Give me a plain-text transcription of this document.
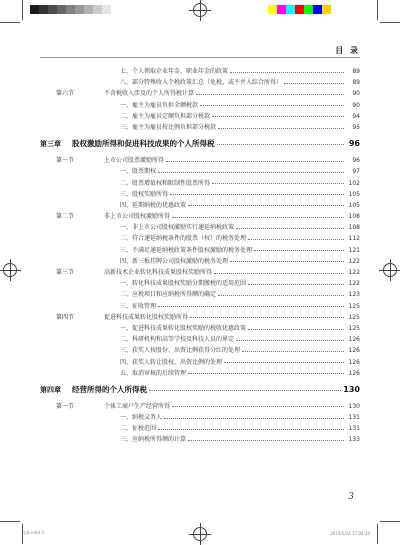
目 录
七、个人领取企业年金、职业年金的政策	89
八、部分特殊收入个税政策汇总（免税，或不并入综合所得）	89
第六节	不含税收入涉及的个人所得税计算	90
一、雇主为雇员负担全额税款	90
二、雇主为雇员定额负担部分税款	94
三、雇主为雇员按比例负担部分税款	95
第三章	股权激励所得和促进科技成果的个人所得税	96
第一节	上市公司股票激励所得	96
一、股票期权	97
二、股票增值权和限制性股票所得	102
三、股权奖励所得	105
四、延期纳税的优惠政策	105
第二节	非上市公司股权激励所得	108
一、非上市公司股权激励实行递延纳税政策	108
二、符合递延纳税条件的股票（权）的税务处理	112
三、不满足递延纳税政策条件股权激励的税务处理	121
四、新三板挂牌公司股权激励的税务处理	122
第三节	高新技术企业转化科技成果股权奖励所得	122
一、转化科技成果股权奖励分期缴税的适用范围	122
二、应税项目和应纳税所得额的确定	123
三、征收管理	125
第四节	促进科技成果转化股权奖励所得	125
一、促进科技成果转化股权奖励的税收优惠政策	125
二、科研机构和高等学校及科技人员的界定	126
三、获奖人按股份、出资比例获得分红的处理	126
四、获奖人转让股权、出资比例的处理	126
五、取消审核的后续管理	126
第四章	经营所得的个人所得税	130
第一节	个体工商户生产经营所得	130
一、纳税义务人	131
二、征税范围	131
三、应纳税所得额的计算	133
3
文新.indd 3	2019/5/24 17:04:20
